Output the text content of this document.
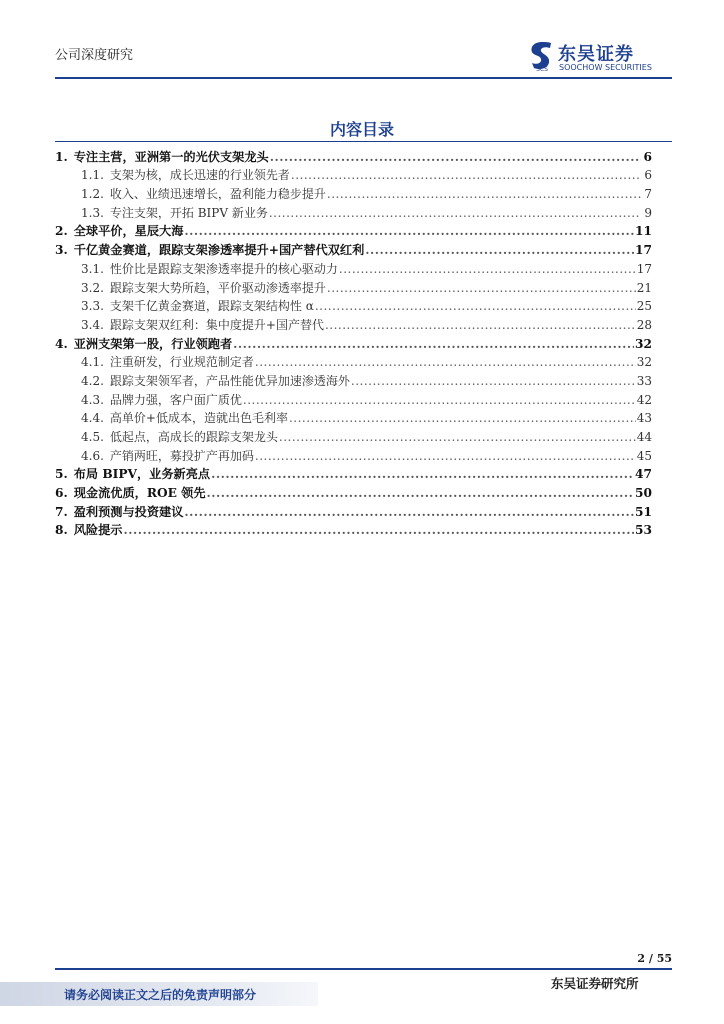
公司深度研究
SCS
东吴证券
SOOCHOW SECURITIES
内容目录
1. 专注主营，亚洲第一的光伏支架龙头 .....	6
1.1. 支架为核，成长迅速的行业领先者 .....	6
1.2. 收入、业绩迅速增长，盈利能力稳步提升 .....	7
1.3. 专注支架，开拓 BIPV 新业务 .....	9
2. 全球平价，星辰大海 .....	11
3. 千亿黄金赛道，跟踪支架渗透率提升+国产替代双红利 .....	17
3.1. 性价比是跟踪支架渗透率提升的核心驱动力 .....	17
3.2. 跟踪支架大势所趋，平价驱动渗透率提升 .....	21
3.3. 支架千亿黄金赛道，跟踪支架结构性 α .....	25
3.4. 跟踪支架双红利：集中度提升+国产替代 .....	28
4. 亚洲支架第一股，行业领跑者 .....	32
4.1. 注重研发，行业规范制定者 .....	32
4.2. 跟踪支架领军者，产品性能优异加速渗透海外 .....	33
4.3. 品牌力强，客户面广质优 .....	42
4.4. 高单价+低成本，造就出色毛利率 .....	43
4.5. 低起点，高成长的跟踪支架龙头 .....	44
4.6. 产销两旺，募投扩产再加码 .....	45
5. 布局 BIPV，业务新亮点 .....	47
6. 现金流优质，ROE 领先 .....	50
7. 盈利预测与投资建议 .....	51
8. 风险提示 .....	53
2 / 55
请务必阅读正文之后的免责声明部分
东吴证券研究所
